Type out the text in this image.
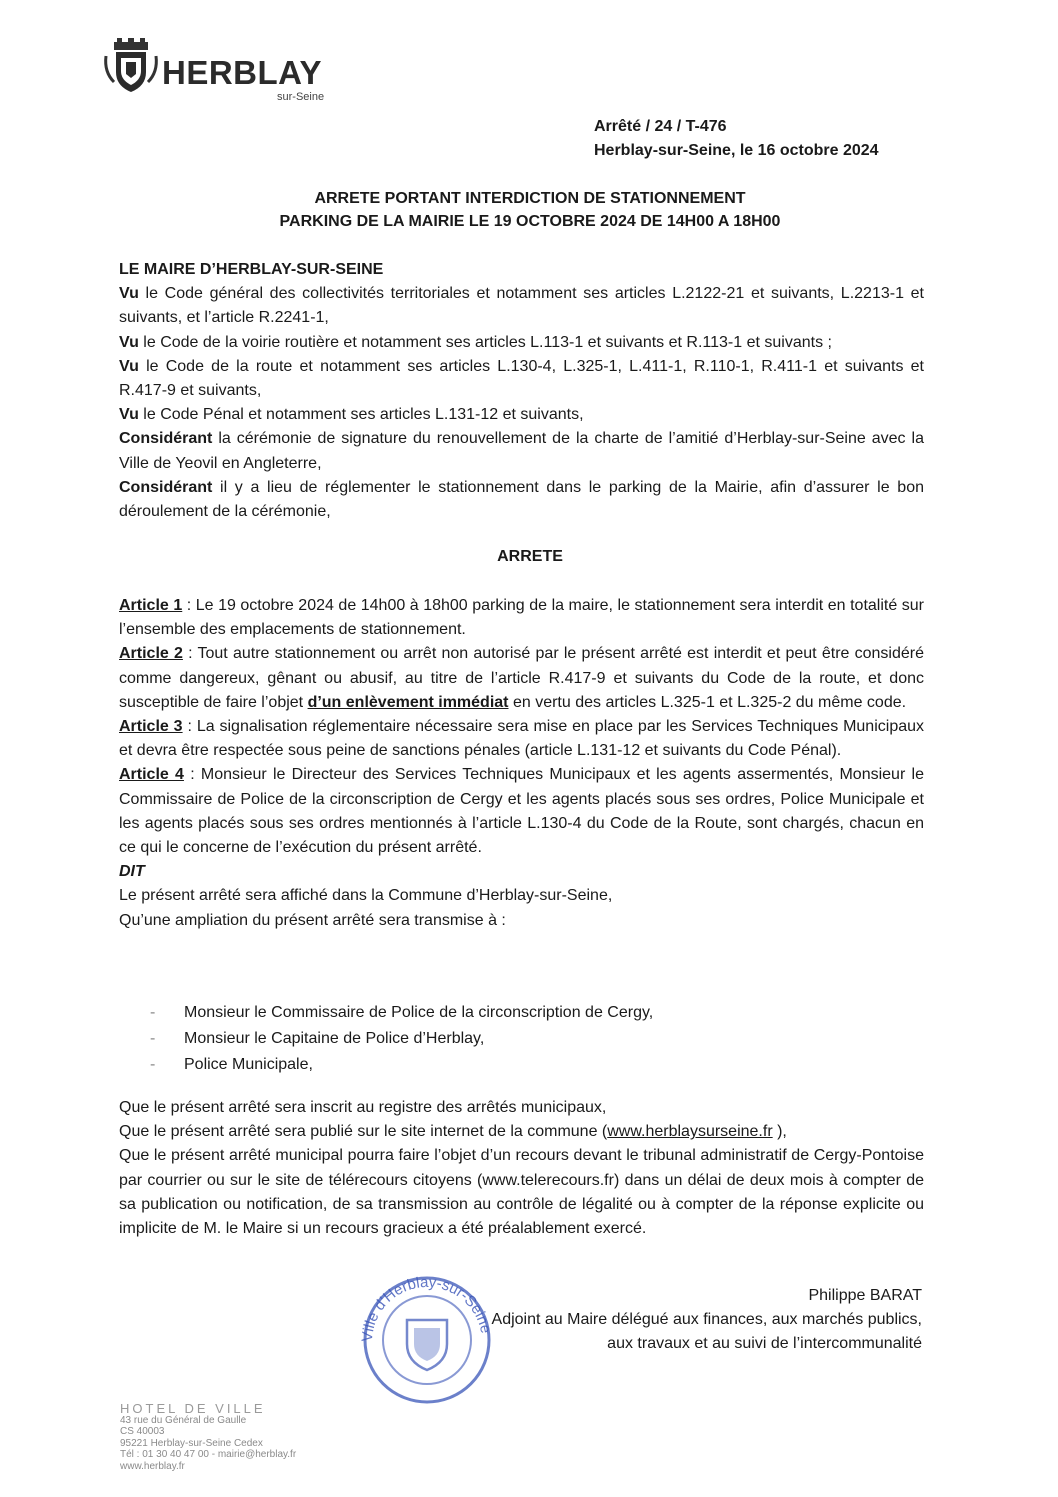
HERBLAY
sur-Seine
Arrêté / 24 / T-476
Herblay-sur-Seine, le 16 octobre 2024
ARRETE PORTANT INTERDICTION DE STATIONNEMENT
PARKING DE LA MAIRIE LE 19 OCTOBRE 2024 DE 14H00 A 18H00

LE MAIRE D’HERBLAY-SUR-SEINE

Vu le Code général des collectivités territoriales et notamment ses articles L.2122-21 et suivants, L.2213-1 et suivants, et l’article R.2241-1,

Vu le Code de la voirie routière et notamment ses articles L.113-1 et suivants et R.113-1 et suivants ;

Vu le Code de la route et notamment ses articles L.130-4, L.325-1, L.411-1, R.110-1, R.411-1 et suivants et R.417-9 et suivants,

Vu le Code Pénal et notamment ses articles L.131-12 et suivants,

Considérant la cérémonie de signature du renouvellement de la charte de l’amitié d’Herblay-sur-Seine avec la Ville de Yeovil en Angleterre,

Considérant il y a lieu de réglementer le stationnement dans le parking de la Mairie, afin d’assurer le bon déroulement de la cérémonie,

ARRETE

Article 1 : Le 19 octobre 2024 de 14h00 à 18h00 parking de la maire, le stationnement sera interdit en totalité sur l’ensemble des emplacements de stationnement.

Article 2 : Tout autre stationnement ou arrêt non autorisé par le présent arrêté est interdit et peut être considéré comme dangereux, gênant ou abusif, au titre de l’article R.417-9 et suivants du Code de la route, et donc susceptible de faire l’objet d’un enlèvement immédiat en vertu des articles L.325-1 et L.325-2 du même code.

Article 3 : La signalisation réglementaire nécessaire sera mise en place par les Services Techniques Municipaux et devra être respectée sous peine de sanctions pénales (article L.131-12 et suivants du Code Pénal).

Article 4 : Monsieur le Directeur des Services Techniques Municipaux et les agents assermentés, Monsieur le Commissaire de Police de la circonscription de Cergy et les agents placés sous ses ordres, Police Municipale et les agents placés sous ses ordres mentionnés à l’article L.130-4 du Code de la Route, sont chargés, chacun en ce qui le concerne de l’exécution du présent arrêté.

DIT

Le présent arrêté sera affiché dans la Commune d’Herblay-sur-Seine,

Qu’une ampliation du présent arrêté sera transmise à :

-	Monsieur le Commissaire de Police de la circonscription de Cergy,
-	Monsieur le Capitaine de Police d’Herblay,
-	Police Municipale,

Que le présent arrêté sera inscrit au registre des arrêtés municipaux,

Que le présent arrêté sera publié sur le site internet de la commune (www.herblaysurseine.fr ),

Que le présent arrêté municipal pourra faire l’objet d’un recours devant le tribunal administratif de Cergy-Pontoise par courrier ou sur le site de télérecours citoyens (www.telerecours.fr) dans un délai de deux mois à compter de sa publication ou notification, de sa transmission au contrôle de légalité ou à compter de la réponse explicite ou implicite de M. le Maire si un recours gracieux a été préalablement exercé.

Ville d'Herblay-sur-Seine
Philippe BARAT
Adjoint au Maire délégué aux finances, aux marchés publics,
aux travaux et au suivi de l’intercommunalité
HOTEL DE VILLE
43 rue du Général de Gaulle
CS 40003
95221 Herblay-sur-Seine Cedex
Tél : 01 30 40 47 00 - mairie@herblay.fr
www.herblay.fr
